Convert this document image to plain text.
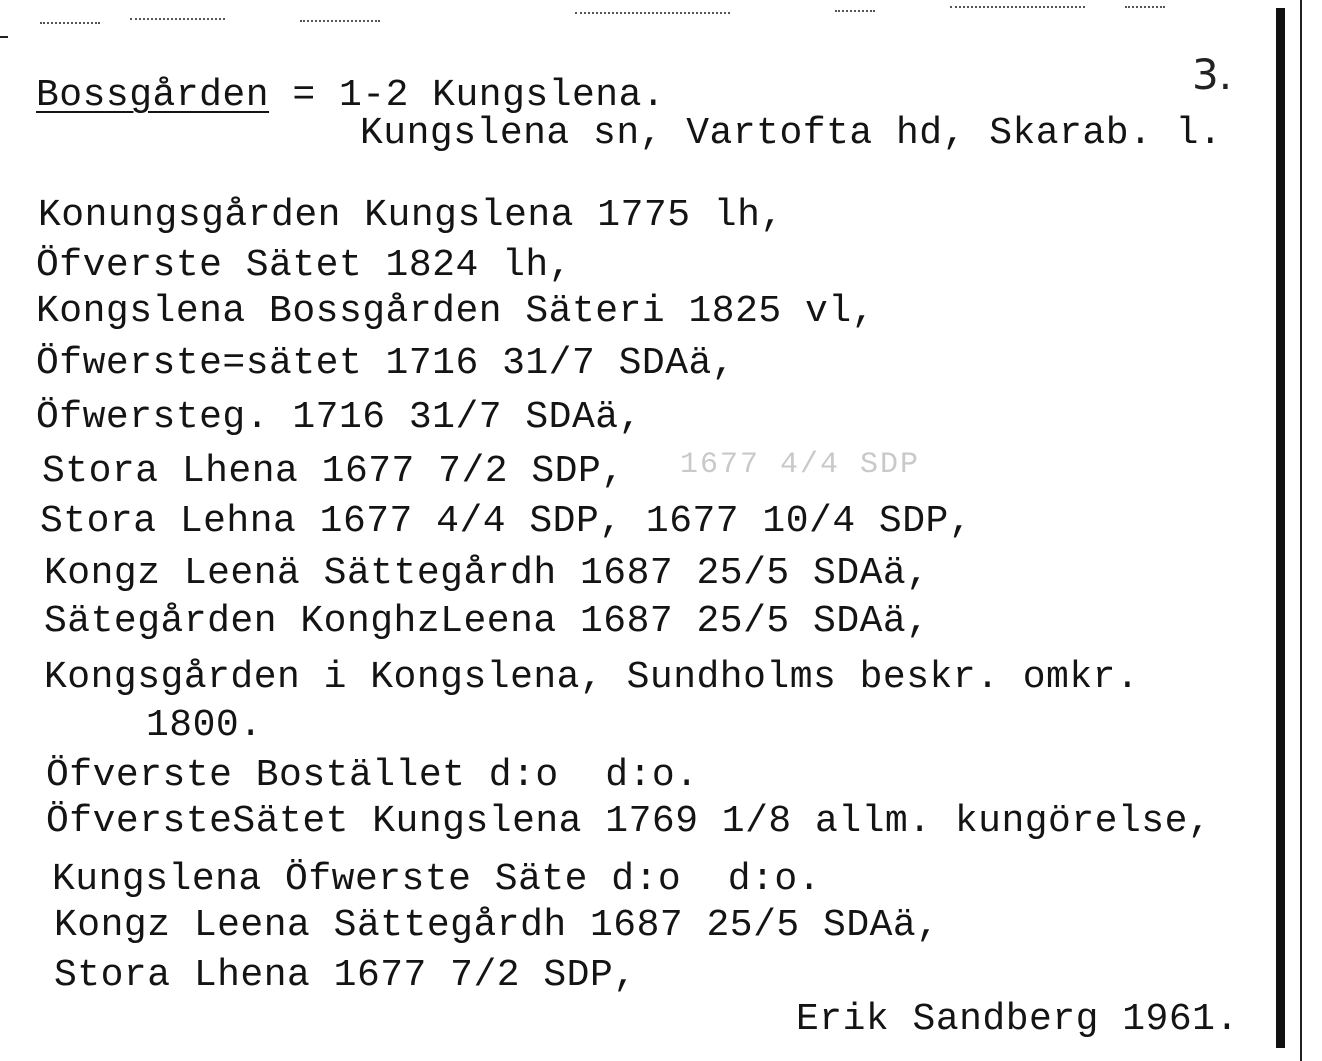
3.
Bossgården = 1-2 Kungslena.
Kungslena sn, Vartofta hd, Skarab. l.
Konungsgården Kungslena 1775 lh,
Öfverste Sätet 1824 lh,
Kongslena Bossgården Säteri 1825 vl,
Öfwerste=sätet 1716 31/7 SDAä,
Öfwersteg. 1716 31/7 SDAä,
Stora Lhena 1677 7/2 SDP, 1677 4/4 SDP
Stora Lehna 1677 4/4 SDP, 1677 10/4 SDP,
Kongz Leenä Sättegårdh 1687 25/5 SDAä,
Sätegården KonghzLeena 1687 25/5 SDAä,
Kongsgården i Kongslena, Sundholms beskr. omkr.
1800.
Öfverste Bostället d:o  d:o.
ÖfversteSätet Kungslena 1769 1/8 allm. kungörelse,
Kungslena Öfwerste Säte d:o  d:o.
Kongz Leena Sättegårdh 1687 25/5 SDAä,
Stora Lhena 1677 7/2 SDP,
Erik Sandberg 1961.
